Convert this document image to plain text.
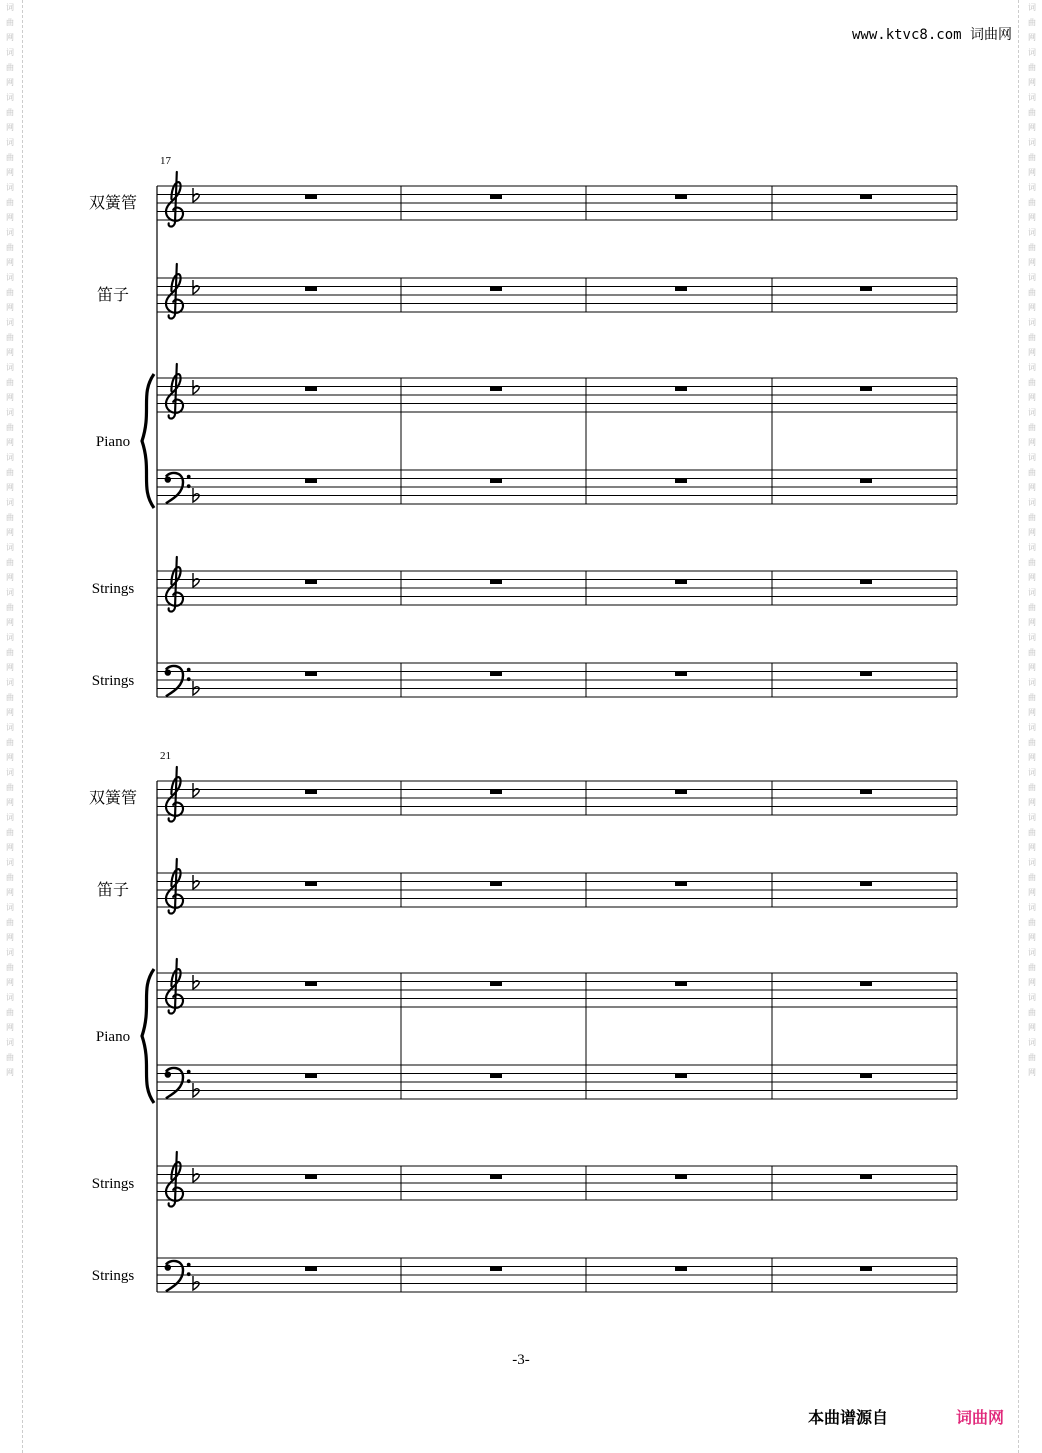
词
曲
网
词
曲
网
词
曲
网
词
曲
网
词
曲
网
词
曲
网
词
曲
网
词
曲
网
词
曲
网
词
曲
网
词
曲
网
词
曲
网
词
曲
网
词
曲
网
词
曲
网
词
曲
网
词
曲
网
词
曲
网
词
曲
网
词
曲
网
词
曲
网
词
曲
网
词
曲
网
词
曲
网
词
曲
网
词
曲
网
词
曲
网
词
曲
网
词
曲
网
词
曲
网
词
曲
网
词
曲
网
词
曲
网
词
曲
网
词
曲
网
词
曲
网
词
曲
网
词
曲
网
词
曲
网
词
曲
网
词
曲
网
词
曲
网
词
曲
网
词
曲
网
词
曲
网
词
曲
网
词
曲
网
词
曲
网
www.ktvc8.com 词曲网
17
双簧管
笛子
Piano
Strings
Strings
21
双簧管
笛子
Piano
Strings
Strings
-3-
本曲谱源自	词曲网
